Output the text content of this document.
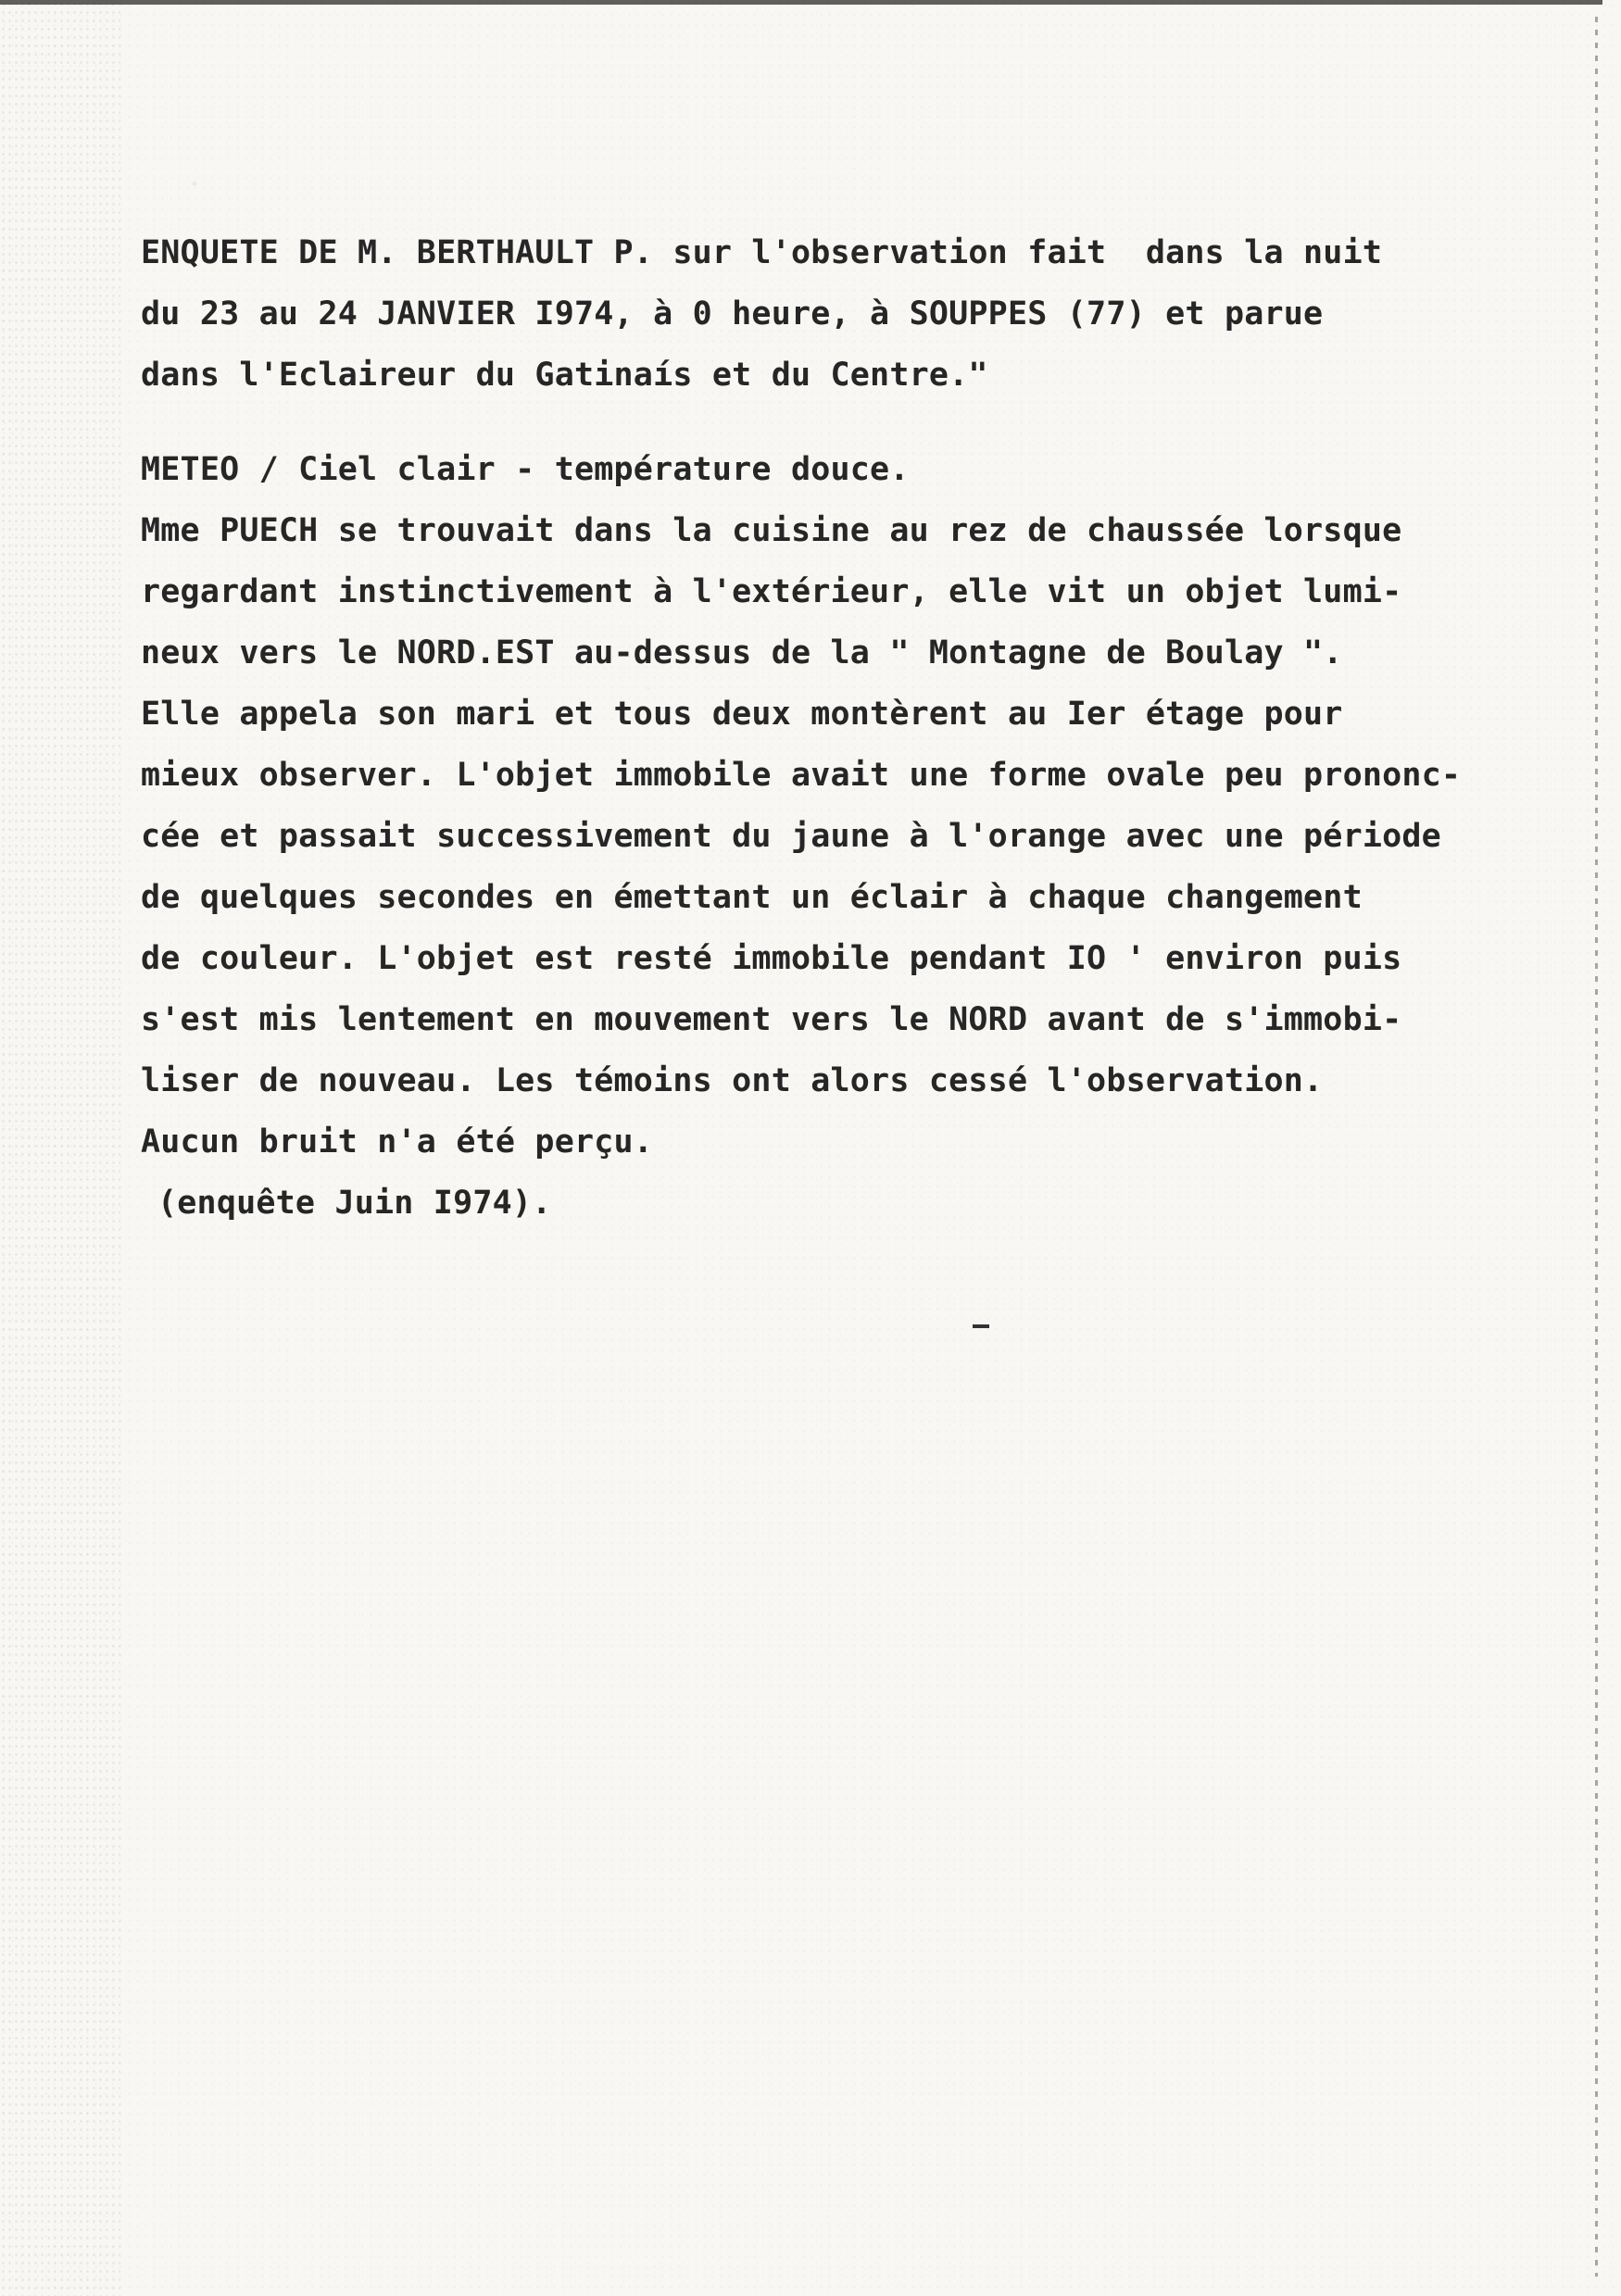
ENQUETE DE M. BERTHAULT P. sur l'observation fait  dans la nuit
du 23 au 24 JANVIER I974, à 0 heure, à SOUPPES (77) et parue
dans l'Eclaireur du Gatinaís et du Centre."
METEO / Ciel clair - température douce.
Mme PUECH se trouvait dans la cuisine au rez de chaussée lorsque
regardant instinctivement à l'extérieur, elle vit un objet lumi-
neux vers le NORD.EST au-dessus de la " Montagne de Boulay ".
Elle appela son mari et tous deux montèrent au Ier étage pour
mieux observer. L'objet immobile avait une forme ovale peu prononc-
cée et passait successivement du jaune à l'orange avec une période
de quelques secondes en émettant un éclair à chaque changement
de couleur. L'objet est resté immobile pendant IO ' environ puis
s'est mis lentement en mouvement vers le NORD avant de s'immobi-
liser de nouveau. Les témoins ont alors cessé l'observation.
Aucun bruit n'a été perçu.
(enquête Juin I974).
